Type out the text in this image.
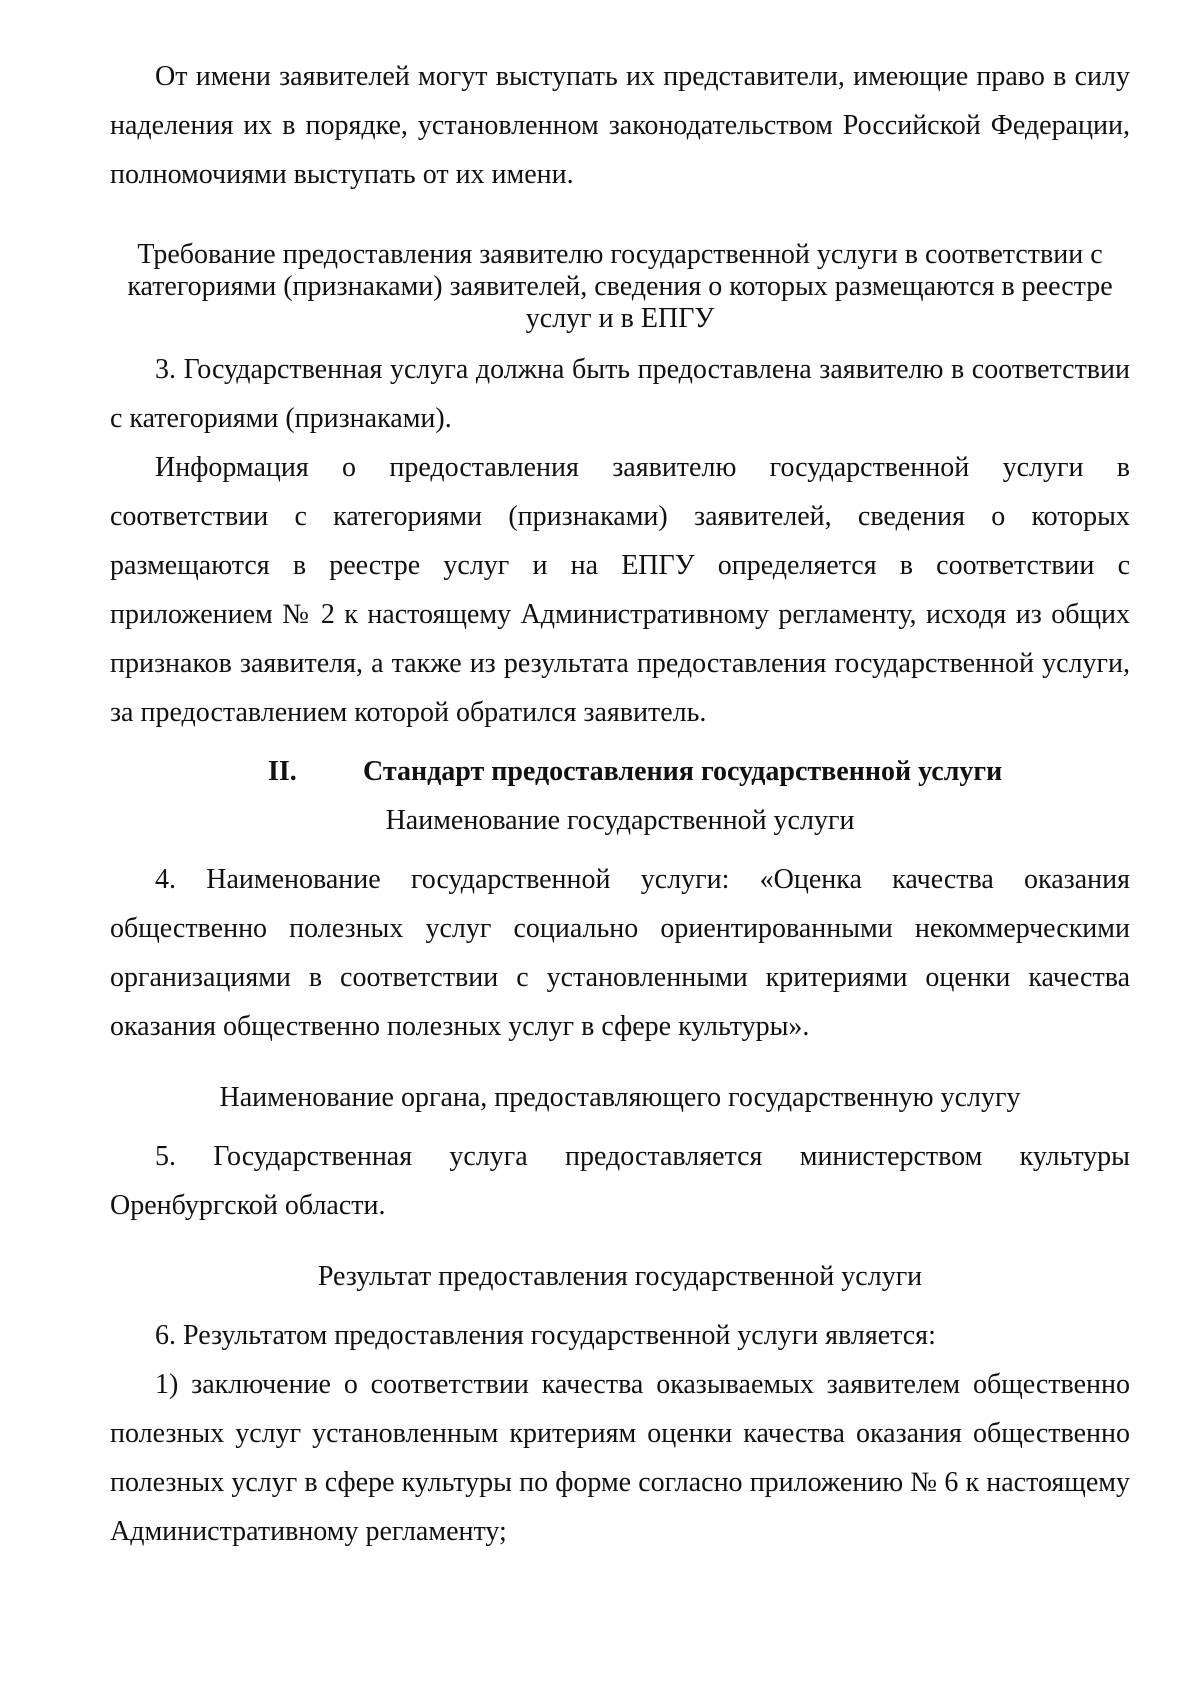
От имени заявителей могут выступать их представители, имеющие право в силу наделения их в порядке, установленном законодательством Российской Федерации, полномочиями выступать от их имени.

Требование предоставления заявителю государственной услуги в соответствии с категориями (признаками) заявителей, сведения о которых размещаются в реестре услуг и в ЕПГУ

3. Государственная услуга должна быть предоставлена заявителю в соответствии с категориями (признаками).

Информация о предоставления заявителю государственной услуги в соответствии с категориями (признаками) заявителей, сведения о которых размещаются в реестре услуг и на ЕПГУ определяется в соответствии с приложением № 2 к настоящему Административному регламенту, исходя из общих признаков заявителя, а также из результата предоставления государственной услуги, за предоставлением которой обратился заявитель.

II.	Стандарт предоставления государственной услуги

Наименование государственной услуги

4. Наименование государственной услуги: «Оценка качества оказания общественно полезных услуг социально ориентированными некоммерческими организациями в соответствии с установленными критериями оценки качества оказания общественно полезных услуг в сфере культуры».

Наименование органа, предоставляющего государственную услугу

5. Государственная услуга предоставляется министерством культуры Оренбургской области.

Результат предоставления государственной услуги

6. Результатом предоставления государственной услуги является:

1) заключение о соответствии качества оказываемых заявителем общественно полезных услуг установленным критериям оценки качества оказания общественно полезных услуг в сфере культуры по форме согласно приложению № 6 к настоящему Административному регламенту;
